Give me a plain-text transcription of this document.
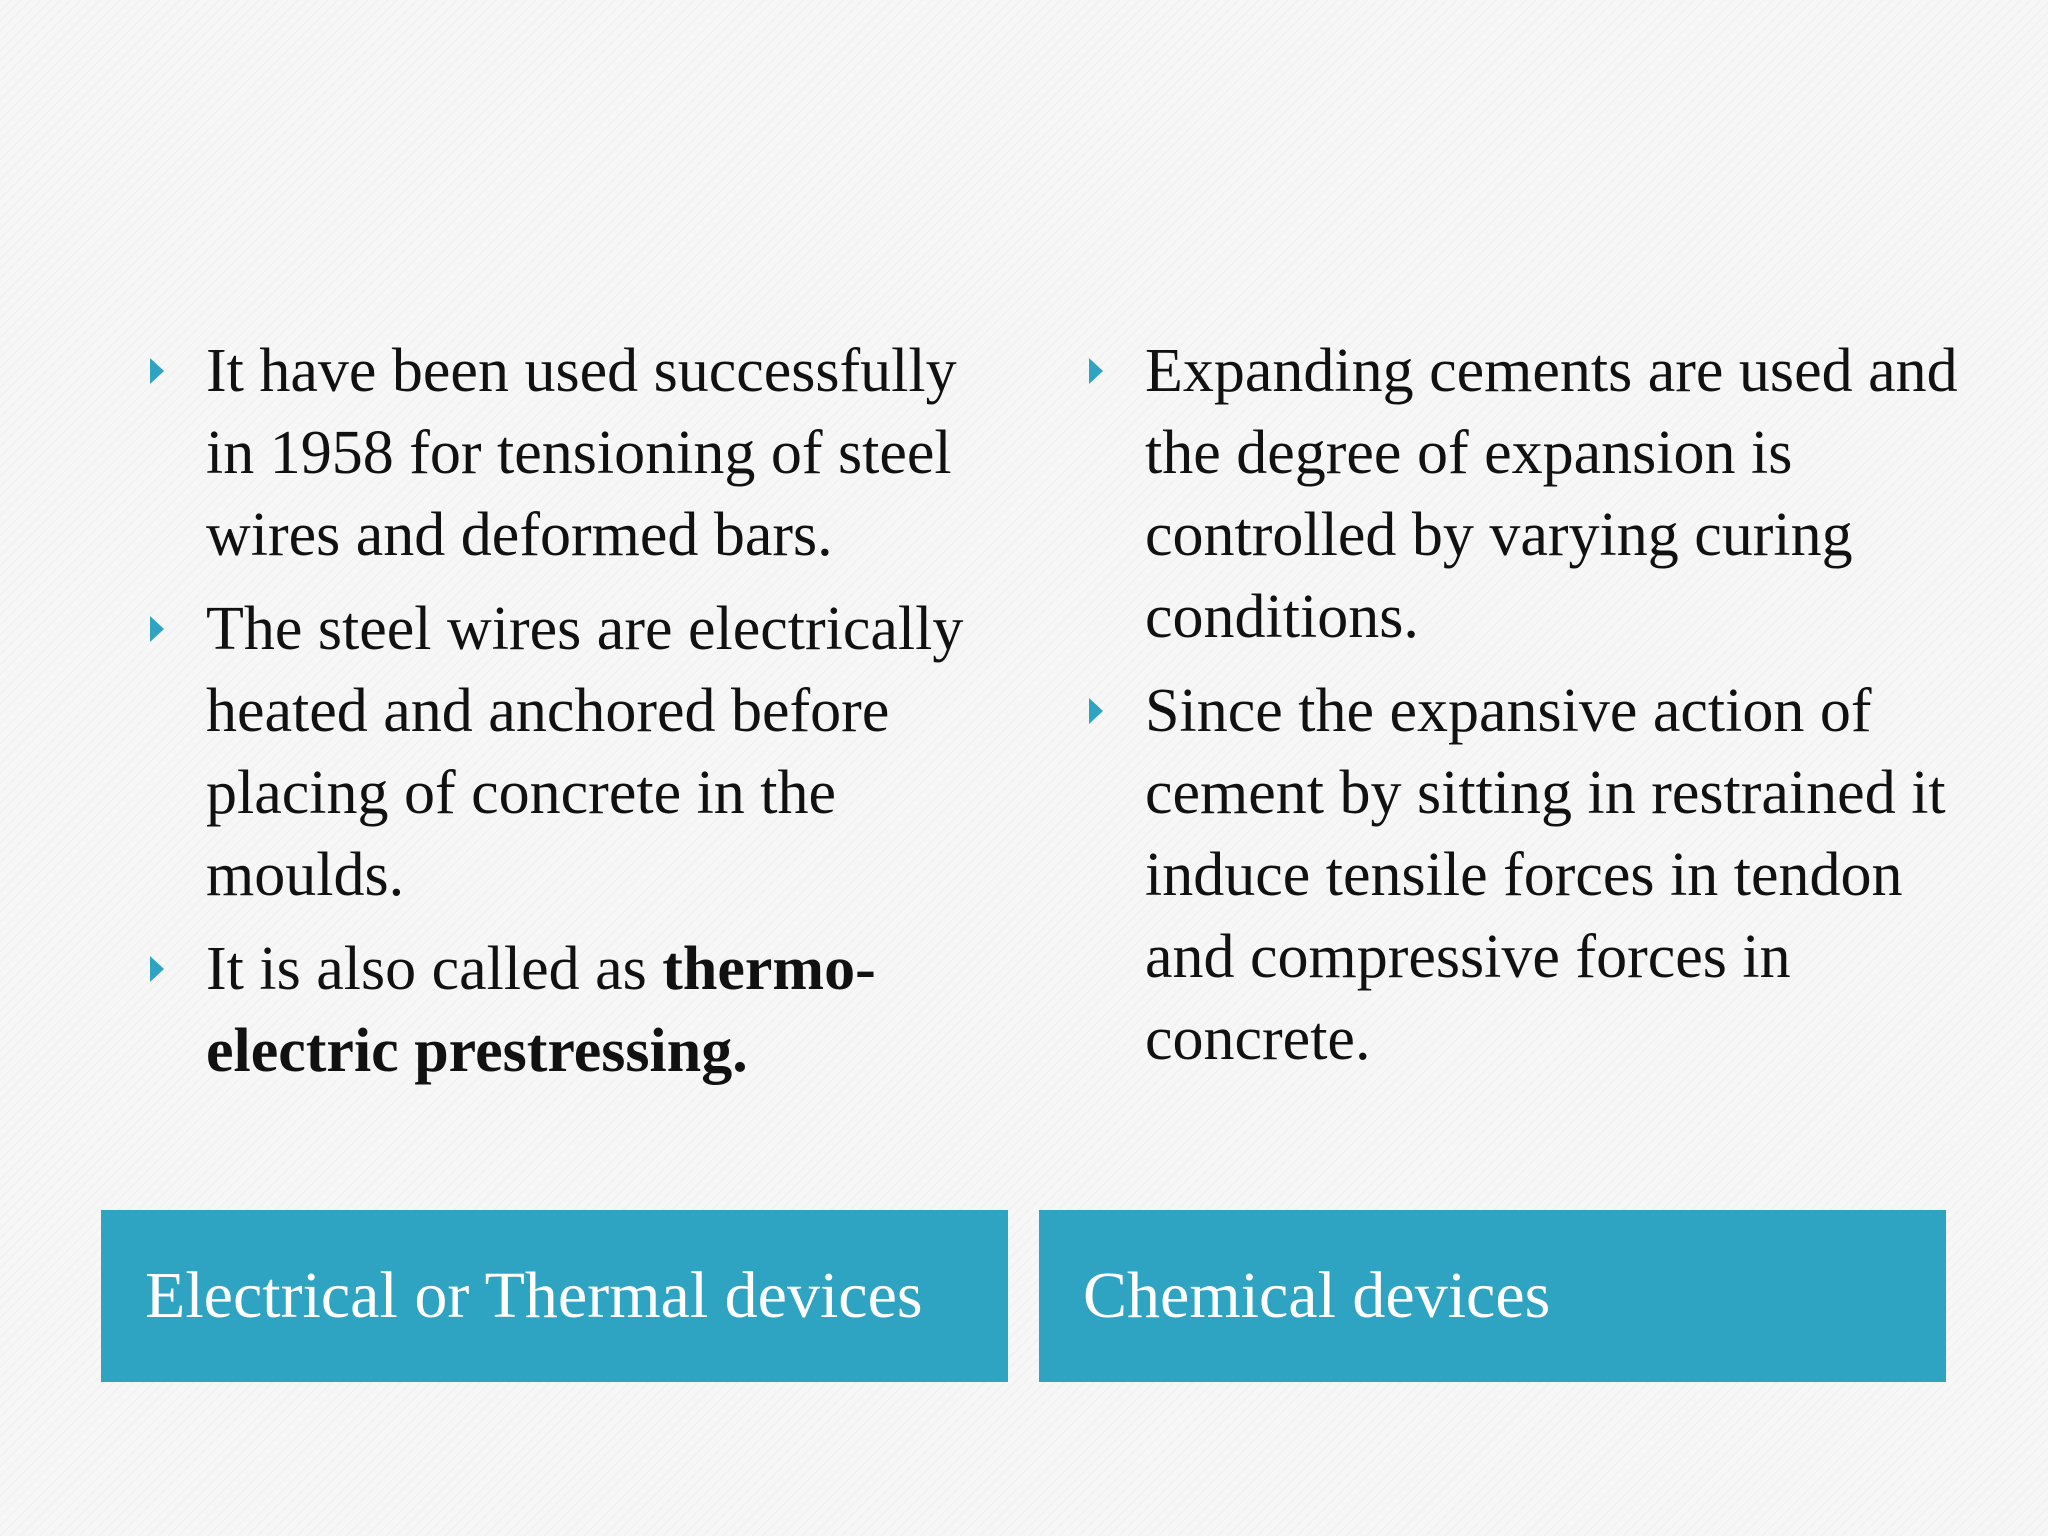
It have been used successfully in 1958 for tensioning of steel wires and deformed bars.
The steel wires are electrically heated and anchored before placing of concrete in the moulds.
It is also called as thermo-electric prestressing.
Expanding cements are used and the degree of expansion is controlled by varying curing conditions.
Since the expansive action of cement by sitting in restrained it induce tensile forces in tendon and compressive forces in concrete.
Electrical or Thermal devices Chemical devices
